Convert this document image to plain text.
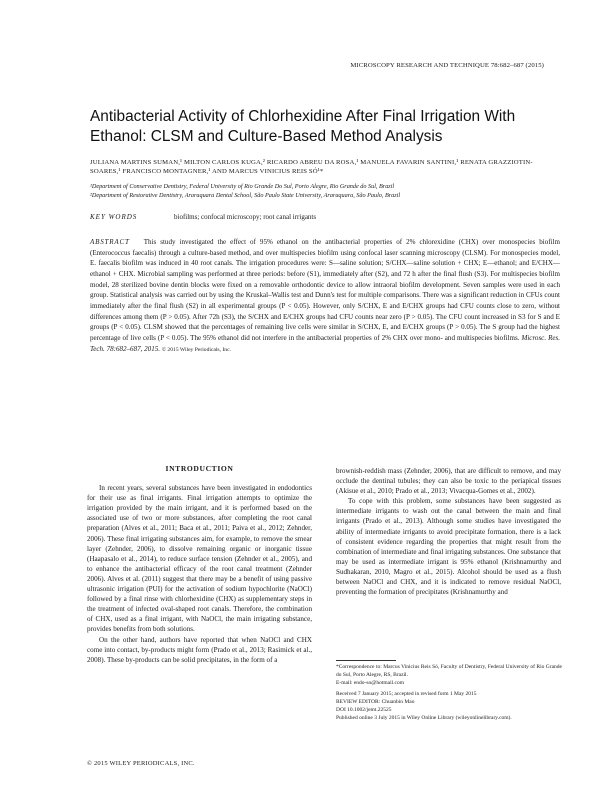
MICROSCOPY RESEARCH AND TECHNIQUE 78:682–687 (2015)
Antibacterial Activity of Chlorhexidine After Final Irrigation With Ethanol: CLSM and Culture-Based Method Analysis
JULIANA MARTINS SUMAN,¹ MILTON CARLOS KUGA,² RICARDO ABREU DA ROSA,¹ MANUELA FAVARIN SANTINI,¹ RENATA GRAZZIOTIN-SOARES,¹ FRANCISCO MONTAGNER,¹ AND MARCUS VINICIUS REIS SÓ¹*
¹Department of Conservative Dentistry, Federal University of Rio Grande Do Sul, Porto Alegre, Rio Grande do Sul, Brazil
²Department of Restorative Dentistry, Araraquara Dental School, São Paulo State University, Araraquara, São Paulo, Brazil
KEY WORDS	biofilms; confocal microscopy; root canal irrigants
ABSTRACT This study investigated the effect of 95% ethanol on the antibacterial properties of 2% chlorexidine (CHX) over monospecies biofilm (Enterococcus faecalis) through a culture-based method, and over multispecies biofilm using confocal laser scanning microscopy (CLSM). For monospecies model, E. faecalis biofilm was induced in 40 root canals. The irrigation procedures were: S—saline solution; S/CHX—saline solution + CHX; E—ethanol; and E/CHX—ethanol + CHX. Microbial sampling was performed at three periods: before (S1), immediately after (S2), and 72 h after the final flush (S3). For multispecies biofilm model, 28 sterilized bovine dentin blocks were fixed on a removable orthodontic device to allow intraoral biofilm development. Seven samples were used in each group. Statistical analysis was carried out by using the Kruskal–Wallis test and Dunn's test for multiple comparisons. There was a significant reduction in CFUs count immediately after the final flush (S2) in all experimental groups (P < 0.05). However, only S/CHX, E and E/CHX groups had CFU counts close to zero, without differences among them (P > 0.05). After 72h (S3), the S/CHX and E/CHX groups had CFU counts near zero (P > 0.05). The CFU count increased in S3 for S and E groups (P < 0.05). CLSM showed that the percentages of remaining live cells were similar in S/CHX, E, and E/CHX groups (P > 0.05). The S group had the highest percentage of live cells (P < 0.05). The 95% ethanol did not interfere in the antibacterial properties of 2% CHX over mono- and multispecies biofilms. Microsc. Res. Tech. 78:682–687, 2015. © 2015 Wiley Periodicals, Inc.
INTRODUCTION

In recent years, several substances have been investigated in endodontics for their use as final irrigants. Final irrigation attempts to optimize the irrigation provided by the main irrigant, and it is performed based on the associated use of two or more substances, after completing the root canal preparation (Alves et al., 2011; Baca et al., 2011; Paiva et al., 2012; Zehnder, 2006). These final irrigating substances aim, for example, to remove the smear layer (Zehnder, 2006), to dissolve remaining organic or inorganic tissue (Haapasalo et al., 2014), to reduce surface tension (Zehnder et al., 2005), and to enhance the antibacterial efficacy of the root canal treatment (Zehnder 2006). Alves et al. (2011) suggest that there may be a benefit of using passive ultrasonic irrigation (PUI) for the activation of sodium hypochlorite (NaOCl) followed by a final rinse with chlorhexidine (CHX) as supplementary steps in the treatment of infected oval-shaped root canals. Therefore, the combination of CHX, used as a final irrigant, with NaOCl, the main irrigating substance, provides benefits from both solutions.

On the other hand, authors have reported that when NaOCl and CHX come into contact, by-products might form (Prado et al., 2013; Rasimick et al., 2008). These by-products can be solid precipitates, in the form of a

brownish-reddish mass (Zehnder, 2006), that are difficult to remove, and may occlude the dentinal tubules; they can also be toxic to the periapical tissues (Akisue et al., 2010; Prado et al., 2013; Vivacqua-Gomes et al., 2002).

To cope with this problem, some substances have been suggested as intermediate irrigants to wash out the canal between the main and final irrigants (Prado et al., 2013). Although some studies have investigated the ability of intermediate irrigants to avoid precipitate formation, there is a lack of consistent evidence regarding the properties that might result from the combination of intermediate and final irrigating substances. One substance that may be used as intermediate irrigant is 95% ethanol (Krishnamurthy and Sudhakaran, 2010, Magro et al., 2015). Alcohol should be used as a flush between NaOCl and CHX, and it is indicated to remove residual NaOCl, preventing the formation of precipitates (Krishnamurthy and

*Correspondence to: Marcus Vinicius Reis Só, Faculty of Dentistry, Federal University of Rio Grande do Sul, Porto Alegre, RS, Brazil.

E-mail: endo-so@hotmail.com

Received 7 January 2015; accepted in revised form 1 May 2015

REVIEW EDITOR: Chuanbin Mao

DOI 10.1002/jemt.22525

Published online 3 July 2015 in Wiley Online Library (wileyonlinelibrary.com).

© 2015 WILEY PERIODICALS, INC.
